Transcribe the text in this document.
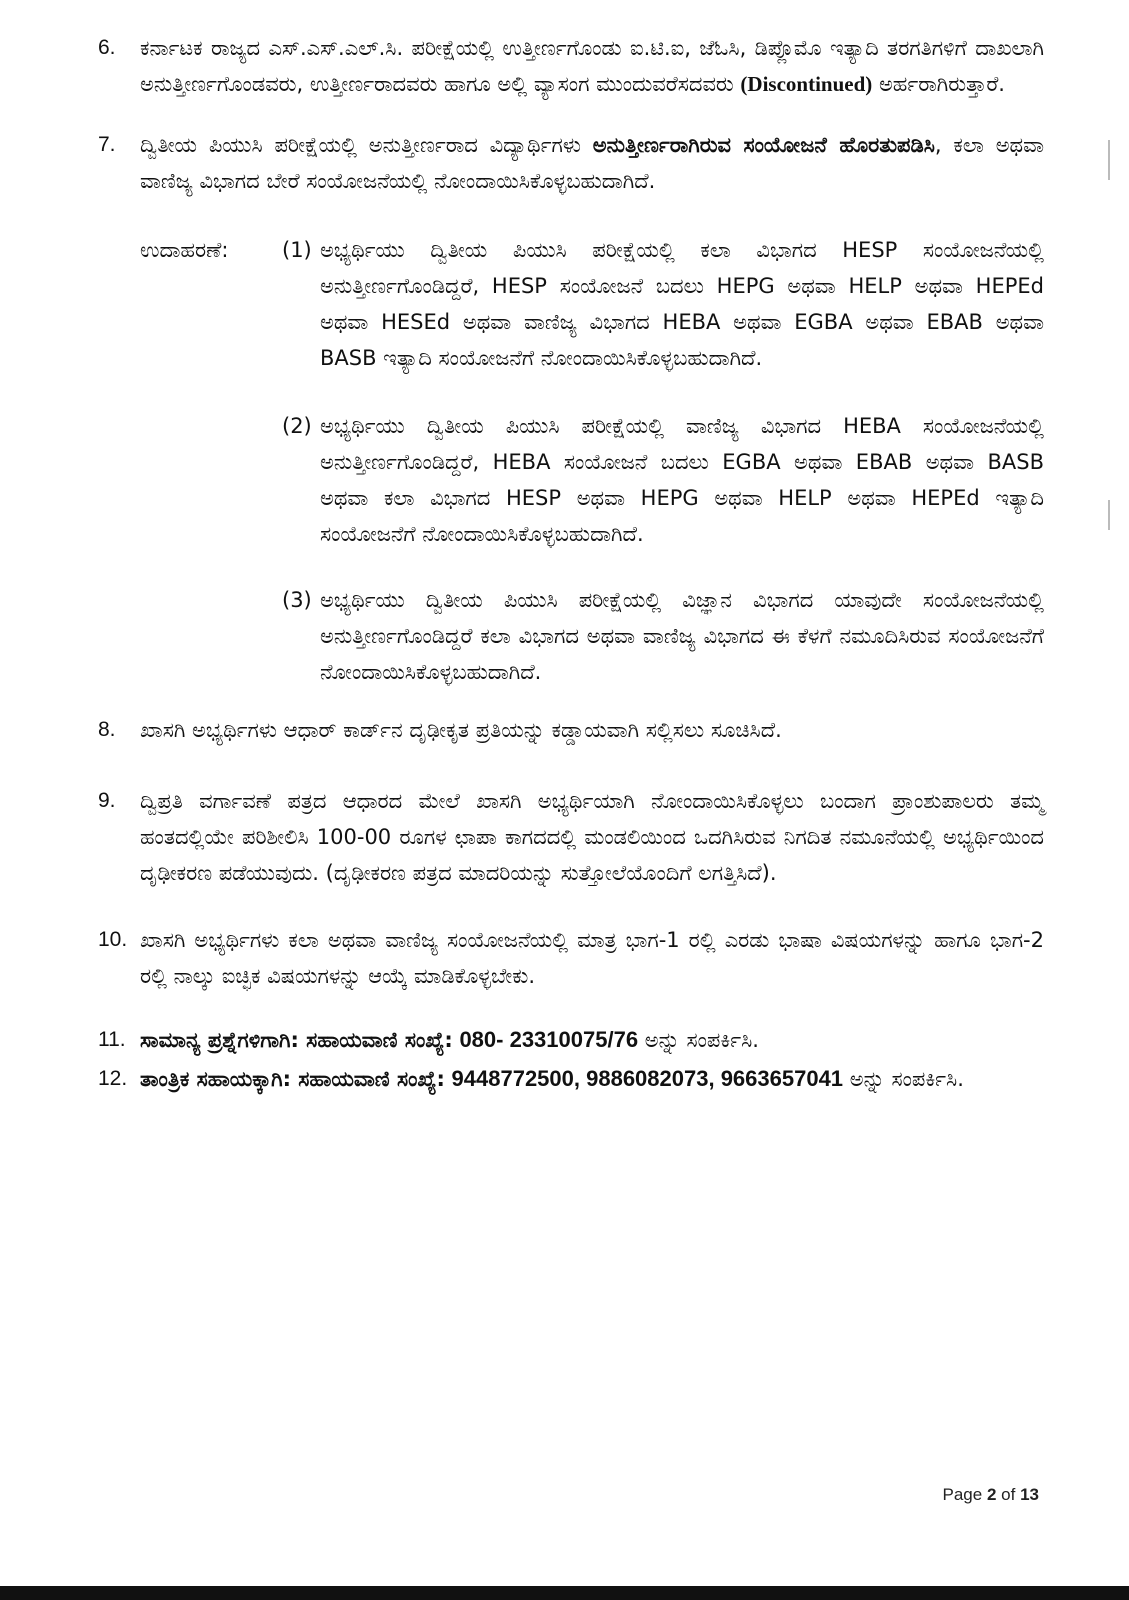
6.	ಕರ್ನಾಟಕ ರಾಜ್ಯದ ಎಸ್.ಎಸ್.ಎಲ್.ಸಿ. ಪರೀಕ್ಷೆಯಲ್ಲಿ ಉತ್ತೀರ್ಣಗೊಂಡು ಐ.ಟಿ.ಐ, ಜೆಓಸಿ, ಡಿಪ್ಲೊಮೊ ಇತ್ಯಾದಿ ತರಗತಿಗಳಿಗೆ ದಾಖಲಾಗಿ ಅನುತ್ತೀರ್ಣಗೊಂಡವರು, ಉತ್ತೀರ್ಣರಾದವರು ಹಾಗೂ ಅಲ್ಲಿ ವ್ಯಾಸಂಗ ಮುಂದುವರೆಸದವರು (Discontinued) ಅರ್ಹರಾಗಿರುತ್ತಾರೆ.
7.	ದ್ವಿತೀಯ ಪಿಯುಸಿ ಪರೀಕ್ಷೆಯಲ್ಲಿ ಅನುತ್ತೀರ್ಣರಾದ ವಿದ್ಯಾರ್ಥಿಗಳು ಅನುತ್ತೀರ್ಣರಾಗಿರುವ ಸಂಯೋಜನೆ ಹೊರತುಪಡಿಸಿ, ಕಲಾ ಅಥವಾ ವಾಣಿಜ್ಯ ವಿಭಾಗದ ಬೇರೆ ಸಂಯೋಜನೆಯಲ್ಲಿ ನೋಂದಾಯಿಸಿಕೊಳ್ಳಬಹುದಾಗಿದೆ.
ಉದಾಹರಣೆ:	(1) ಅಭ್ಯರ್ಥಿಯು ದ್ವಿತೀಯ ಪಿಯುಸಿ ಪರೀಕ್ಷೆಯಲ್ಲಿ ಕಲಾ ವಿಭಾಗದ HESP ಸಂಯೋಜನೆಯಲ್ಲಿ ಅನುತ್ತೀರ್ಣಗೊಂಡಿದ್ದರೆ, HESP ಸಂಯೋಜನೆ ಬದಲು HEPG ಅಥವಾ HELP ಅಥವಾ HEPEd ಅಥವಾ HESEd ಅಥವಾ ವಾಣಿಜ್ಯ ವಿಭಾಗದ HEBA ಅಥವಾ EGBA ಅಥವಾ EBAB ಅಥವಾ BASB ಇತ್ಯಾದಿ ಸಂಯೋಜನೆಗೆ ನೋಂದಾಯಿಸಿಕೊಳ್ಳಬಹುದಾಗಿದೆ.
(2) ಅಭ್ಯರ್ಥಿಯು ದ್ವಿತೀಯ ಪಿಯುಸಿ ಪರೀಕ್ಷೆಯಲ್ಲಿ ವಾಣಿಜ್ಯ ವಿಭಾಗದ HEBA ಸಂಯೋಜನೆಯಲ್ಲಿ ಅನುತ್ತೀರ್ಣಗೊಂಡಿದ್ದರೆ, HEBA ಸಂಯೋಜನೆ ಬದಲು EGBA ಅಥವಾ EBAB ಅಥವಾ BASB ಅಥವಾ ಕಲಾ ವಿಭಾಗದ HESP ಅಥವಾ HEPG ಅಥವಾ HELP ಅಥವಾ HEPEd ಇತ್ಯಾದಿ ಸಂಯೋಜನೆಗೆ ನೋಂದಾಯಿಸಿಕೊಳ್ಳಬಹುದಾಗಿದೆ.
(3) ಅಭ್ಯರ್ಥಿಯು ದ್ವಿತೀಯ ಪಿಯುಸಿ ಪರೀಕ್ಷೆಯಲ್ಲಿ ವಿಜ್ಞಾನ ವಿಭಾಗದ ಯಾವುದೇ ಸಂಯೋಜನೆಯಲ್ಲಿ ಅನುತ್ತೀರ್ಣಗೊಂಡಿದ್ದರೆ ಕಲಾ ವಿಭಾಗದ ಅಥವಾ ವಾಣಿಜ್ಯ ವಿಭಾಗದ ಈ ಕೆಳಗೆ ನಮೂದಿಸಿರುವ ಸಂಯೋಜನೆಗೆ ನೋಂದಾಯಿಸಿಕೊಳ್ಳಬಹುದಾಗಿದೆ.
8.	ಖಾಸಗಿ ಅಭ್ಯರ್ಥಿಗಳು ಆಧಾರ್ ಕಾರ್ಡ್‌ನ ದೃಢೀಕೃತ ಪ್ರತಿಯನ್ನು ಕಡ್ಡಾಯವಾಗಿ ಸಲ್ಲಿಸಲು ಸೂಚಿಸಿದೆ.
9.	ದ್ವಿಪ್ರತಿ ವರ್ಗಾವಣೆ ಪತ್ರದ ಆಧಾರದ ಮೇಲೆ ಖಾಸಗಿ ಅಭ್ಯರ್ಥಿಯಾಗಿ ನೋಂದಾಯಿಸಿಕೊಳ್ಳಲು ಬಂದಾಗ ಪ್ರಾಂಶುಪಾಲರು ತಮ್ಮ ಹಂತದಲ್ಲಿಯೇ ಪರಿಶೀಲಿಸಿ 100-00 ರೂಗಳ ಛಾಪಾ ಕಾಗದದಲ್ಲಿ ಮಂಡಲಿಯಿಂದ ಒದಗಿಸಿರುವ ನಿಗದಿತ ನಮೂನೆಯಲ್ಲಿ ಅಭ್ಯರ್ಥಿಯಿಂದ ದೃಢೀಕರಣ ಪಡೆಯುವುದು. (ದೃಢೀಕರಣ ಪತ್ರದ ಮಾದರಿಯನ್ನು ಸುತ್ತೋಲೆಯೊಂದಿಗೆ ಲಗತ್ತಿಸಿದೆ).
10. ಖಾಸಗಿ ಅಭ್ಯರ್ಥಿಗಳು ಕಲಾ ಅಥವಾ ವಾಣಿಜ್ಯ ಸಂಯೋಜನೆಯಲ್ಲಿ ಮಾತ್ರ ಭಾಗ-1 ರಲ್ಲಿ ಎರಡು ಭಾಷಾ ವಿಷಯಗಳನ್ನು ಹಾಗೂ ಭಾಗ-2 ರಲ್ಲಿ ನಾಲ್ಕು ಐಚ್ಛಿಕ ವಿಷಯಗಳನ್ನು ಆಯ್ಕೆ ಮಾಡಿಕೊಳ್ಳಬೇಕು.
11. ಸಾಮಾನ್ಯ ಪ್ರಶ್ನೆಗಳಿಗಾಗಿ: ಸಹಾಯವಾಣಿ ಸಂಖ್ಯೆ: 080- 23310075/76 ಅನ್ನು ಸಂಪರ್ಕಿಸಿ.
12. ತಾಂತ್ರಿಕ ಸಹಾಯಕ್ಕಾಗಿ: ಸಹಾಯವಾಣಿ ಸಂಖ್ಯೆ: 9448772500, 9886082073, 9663657041 ಅನ್ನು ಸಂಪರ್ಕಿಸಿ.
Page 2 of 13
